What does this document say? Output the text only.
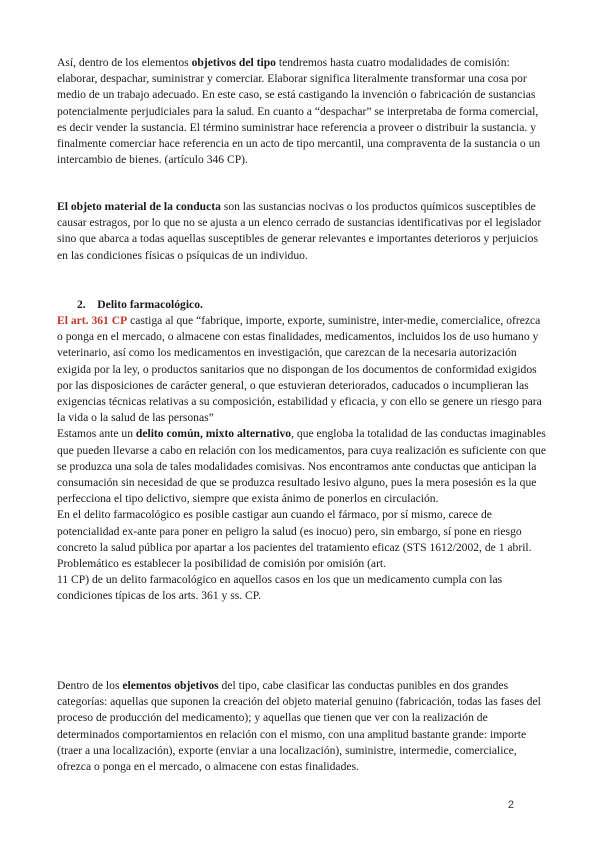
Así, dentro de los elementos objetivos del tipo tendremos hasta cuatro modalidades de comisión: elaborar, despachar, suministrar y comerciar. Elaborar significa literalmente transformar una cosa por medio de un trabajo adecuado. En este caso, se está castigando la invención o fabricación de sustancias potencialmente perjudiciales para la salud. En cuanto a “despachar” se interpretaba de forma comercial, es decir vender la sustancia. El término suministrar hace referencia a proveer o distribuir la sustancia. y finalmente comerciar hace referencia en un acto de tipo mercantil, una compraventa de la sustancia o un intercambio de bienes. (artículo 346 CP).

El objeto material de la conducta son las sustancias nocivas o los productos químicos susceptibles de causar estragos, por lo que no se ajusta a un elenco cerrado de sustancias identificativas por el legislador sino que abarca a todas aquellas susceptibles de generar relevantes e importantes deterioros y perjuicios en las condiciones físicas o psíquicas de un individuo.

2. Delito farmacológico.

El art. 361 CP castiga al que “fabrique, importe, exporte, suministre, inter-medie, comercialice, ofrezca o ponga en el mercado, o almacene con estas finalidades, medicamentos, incluidos los de uso humano y veterinario, así como los medicamentos en investigación, que carezcan de la necesaria autorización exigida por la ley, o productos sanitarios que no dispongan de los documentos de conformidad exigidos por las disposiciones de carácter general, o que estuvieran deteriorados, caducados o incumplieran las exigencias técnicas relativas a su composición, estabilidad y eficacia, y con ello se genere un riesgo para la vida o la salud de las personas”
Estamos ante un delito común, mixto alternativo, que engloba la totalidad de las conductas imaginables que pueden llevarse a cabo en relación con los medicamentos, para cuya realización es suficiente con que se produzca una sola de tales modalidades comisivas. Nos encontramos ante conductas que anticipan la consumación sin necesidad de que se produzca resultado lesivo alguno, pues la mera posesión es la que perfecciona el tipo delictivo, siempre que exista ánimo de ponerlos en circulación.
En el delito farmacológico es posible castigar aun cuando el fármaco, por sí mismo, carece de potencialidad ex-ante para poner en peligro la salud (es inocuo) pero, sin embargo, sí pone en riesgo concreto la salud pública por apartar a los pacientes del tratamiento eficaz (STS 1612/2002, de 1 abril.
Problemático es establecer la posibilidad de comisión por omisión (art.
11 CP) de un delito farmacológico en aquellos casos en los que un medicamento cumpla con las condiciones típicas de los arts. 361 y ss. CP.

Dentro de los elementos objetivos del tipo, cabe clasificar las conductas punibles en dos grandes categorías: aquellas que suponen la creación del objeto material genuino (fabricación, todas las fases del proceso de producción del medicamento); y aquellas que tienen que ver con la realización de determinados comportamientos en relación con el mismo, con una amplitud bastante grande: importe (traer a una localización), exporte (enviar a una localización), suministre, intermedie, comercialice, ofrezca o ponga en el mercado, o almacene con estas finalidades.

2
